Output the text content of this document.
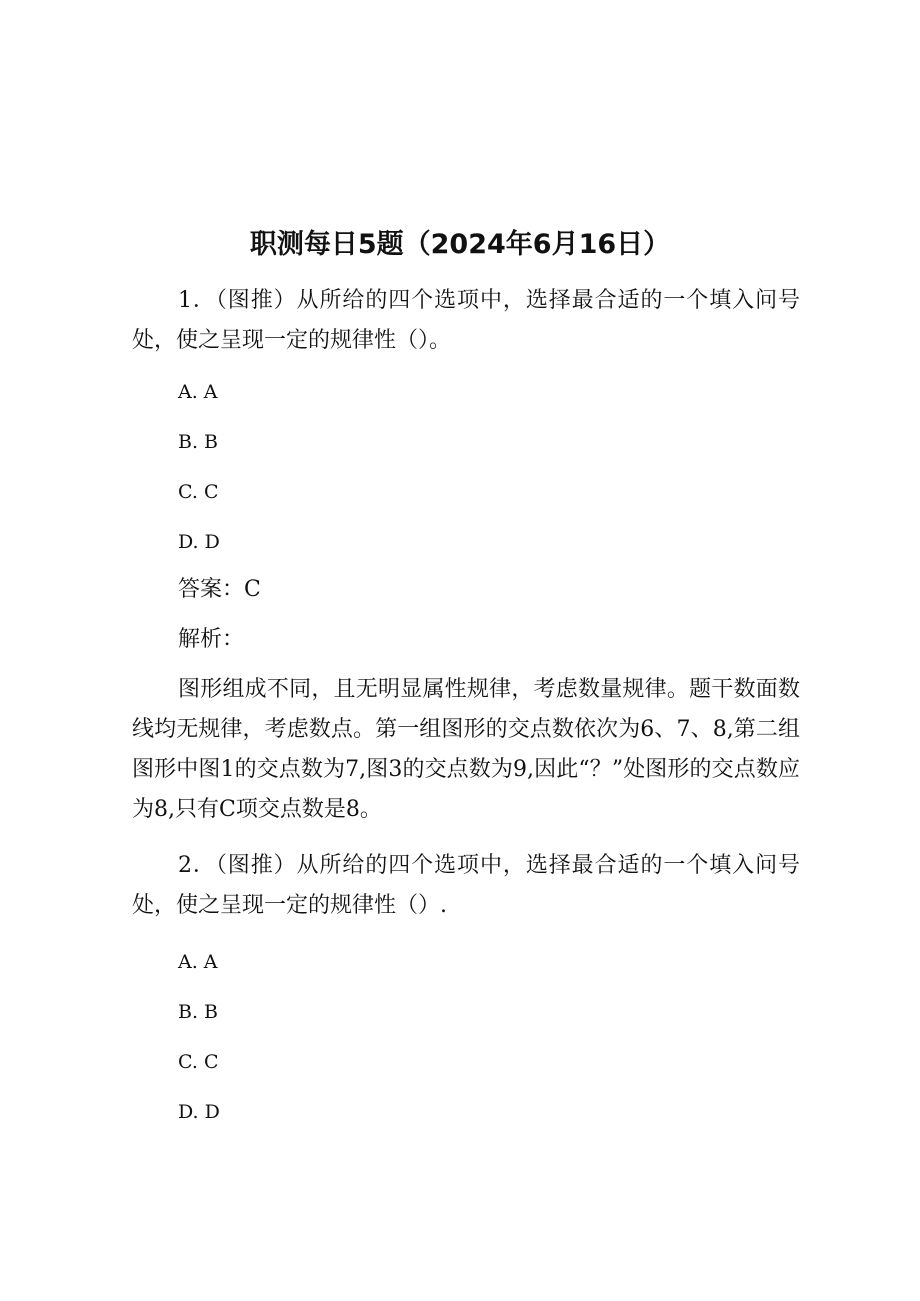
职测每日5题（2024年6月16日）
1．（图推）从所给的四个选项中，选择最合适的一个填入问号处，使之呈现一定的规律性（）。
A. A
B. B
C. C
D. D
答案：C
解析：
图形组成不同，且无明显属性规律，考虑数量规律。题干数面数线均无规律，考虑数点。第一组图形的交点数依次为6、7、8,第二组图形中图1的交点数为7,图3的交点数为9,因此“？”处图形的交点数应为8,只有C项交点数是8。
2．（图推）从所给的四个选项中，选择最合适的一个填入问号处，使之呈现一定的规律性（）.
A. A
B. B
C. C
D. D
